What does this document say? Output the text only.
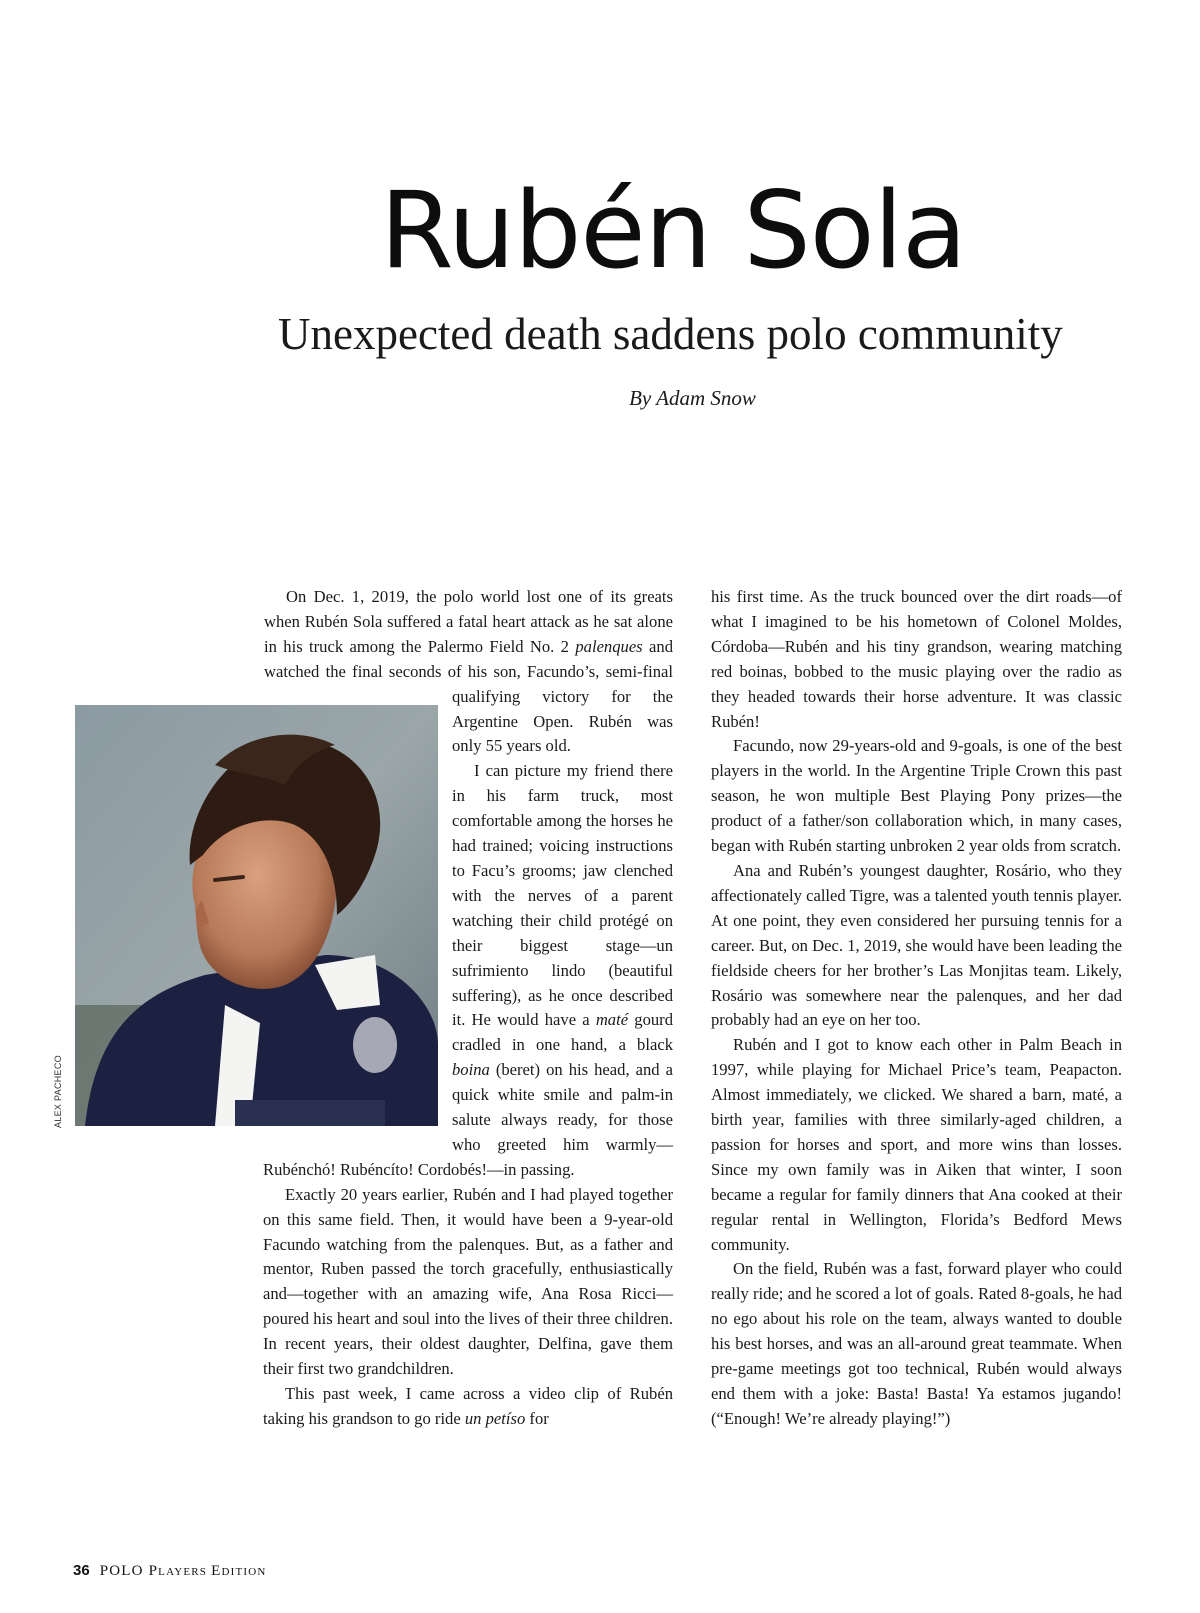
Rubén Sola
Unexpected death saddens polo community

By Adam Snow

ALEX PACHECO

On Dec. 1, 2019, the polo world lost one of its greats when Rubén Sola suffered a fatal heart attack as he sat alone in his truck among the Palermo Field No. 2 palenques and watched the final seconds of his son, Facundo’s, semi-final qualifying victory for the Argentine Open. Rubén was only 55 years old.

I can picture my friend there in his farm truck, most comfortable among the horses he had trained; voicing instructions to Facu’s grooms; jaw clenched with the nerves of a parent watching their child protégé on their biggest stage—un sufrimiento lindo (beautiful suffering), as he once described it. He would have a maté gourd cradled in one hand, a black boina (beret) on his head, and a quick white smile and palm-in salute always ready, for those who greeted him warmly—Rubénchó! Rubéncíto! Cordobés!—in passing.

Exactly 20 years earlier, Rubén and I had played together on this same field. Then, it would have been a 9-year-old Facundo watching from the palenques. But, as a father and mentor, Ruben passed the torch gracefully, enthusiastically and—together with an amazing wife, Ana Rosa Ricci— poured his heart and soul into the lives of their three children. In recent years, their oldest daughter, Delfina, gave them their first two grandchildren.

This past week, I came across a video clip of Rubén taking his grandson to go ride un petíso for

his first time. As the truck bounced over the dirt roads—of what I imagined to be his hometown of Colonel Moldes, Córdoba—Rubén and his tiny grandson, wearing matching red boinas, bobbed to the music playing over the radio as they headed towards their horse adventure. It was classic Rubén!

Facundo, now 29-years-old and 9-goals, is one of the best players in the world. In the Argentine Triple Crown this past season, he won multiple Best Playing Pony prizes—the product of a father/son collaboration which, in many cases, began with Rubén starting unbroken 2 year olds from scratch.

Ana and Rubén’s youngest daughter, Rosário, who they affectionately called Tigre, was a talented youth tennis player. At one point, they even considered her pursuing tennis for a career. But, on Dec. 1, 2019, she would have been leading the fieldside cheers for her brother’s Las Monjitas team. Likely, Rosário was somewhere near the palenques, and her dad probably had an eye on her too.

Rubén and I got to know each other in Palm Beach in 1997, while playing for Michael Price’s team, Peapacton. Almost immediately, we clicked. We shared a barn, maté, a birth year, families with three similarly-aged children, a passion for horses and sport, and more wins than losses. Since my own family was in Aiken that winter, I soon became a regular for family dinners that Ana cooked at their regular rental in Wellington, Florida’s Bedford Mews community.

On the field, Rubén was a fast, forward player who could really ride; and he scored a lot of goals. Rated 8-goals, he had no ego about his role on the team, always wanted to double his best horses, and was an all-around great teammate. When pre-game meetings got too technical, Rubén would always end them with a joke: Basta! Basta! Ya estamos jugando! (“Enough! We’re already playing!”)

36 POLO PLAYERS EDITION
